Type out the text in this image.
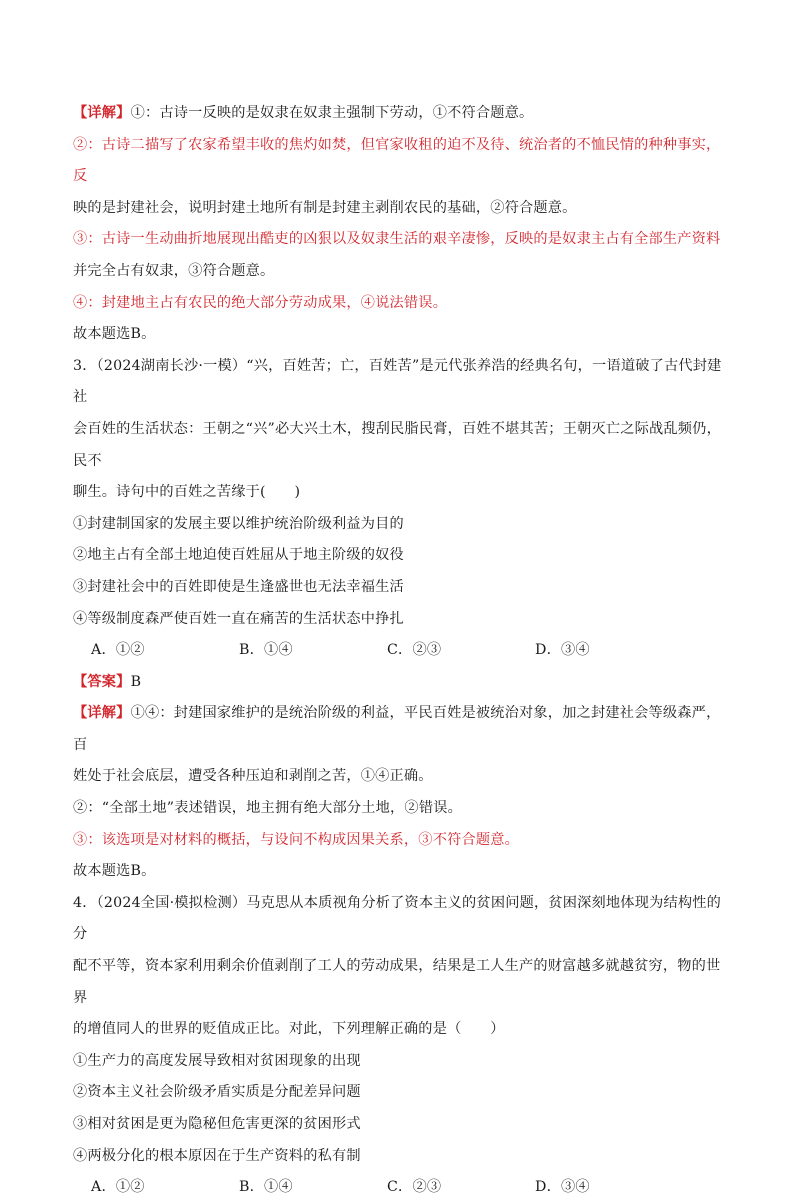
【详解】①：古诗一反映的是奴隶在奴隶主强制下劳动，①不符合题意。

②：古诗二描写了农家希望丰收的焦灼如焚，但官家收租的迫不及待、统治者的不恤民情的种种事实，反

映的是封建社会，说明封建土地所有制是封建主剥削农民的基础，②符合题意。

③：古诗一生动曲折地展现出酷吏的凶狠以及奴隶生活的艰辛凄惨，反映的是奴隶主占有全部生产资料

并完全占有奴隶，③符合题意。

④：封建地主占有农民的绝大部分劳动成果，④说法错误。

故本题选B。

3．（2024湖南长沙·一模）“兴，百姓苦；亡，百姓苦”是元代张养浩的经典名句，一语道破了古代封建社

会百姓的生活状态：王朝之“兴”必大兴土木，搜刮民脂民膏，百姓不堪其苦；王朝灭亡之际战乱频仍，民不

聊生。诗句中的百姓之苦缘于(　　)

①封建制国家的发展主要以维护统治阶级利益为目的

②地主占有全部土地迫使百姓屈从于地主阶级的奴役

③封建社会中的百姓即使是生逢盛世也无法幸福生活

④等级制度森严使百姓一直在痛苦的生活状态中挣扎

A．①②	B．①④	C．②③	D．③④

【答案】B

【详解】①④：封建国家维护的是统治阶级的利益，平民百姓是被统治对象，加之封建社会等级森严，百

姓处于社会底层，遭受各种压迫和剥削之苦，①④正确。

②：“全部土地”表述错误，地主拥有绝大部分土地，②错误。

③：该选项是对材料的概括，与设问不构成因果关系，③不符合题意。

故本题选B。

4．（2024全国·模拟检测）马克思从本质视角分析了资本主义的贫困问题，贫困深刻地体现为结构性的分

配不平等，资本家利用剩余价值剥削了工人的劳动成果，结果是工人生产的财富越多就越贫穷，物的世界

的增值同人的世界的贬值成正比。对此，下列理解正确的是（　　）

①生产力的高度发展导致相对贫困现象的出现

②资本主义社会阶级矛盾实质是分配差异问题

③相对贫困是更为隐秘但危害更深的贫困形式

④两极分化的根本原因在于生产资料的私有制

A．①②	B．①④	C．②③	D．③④
